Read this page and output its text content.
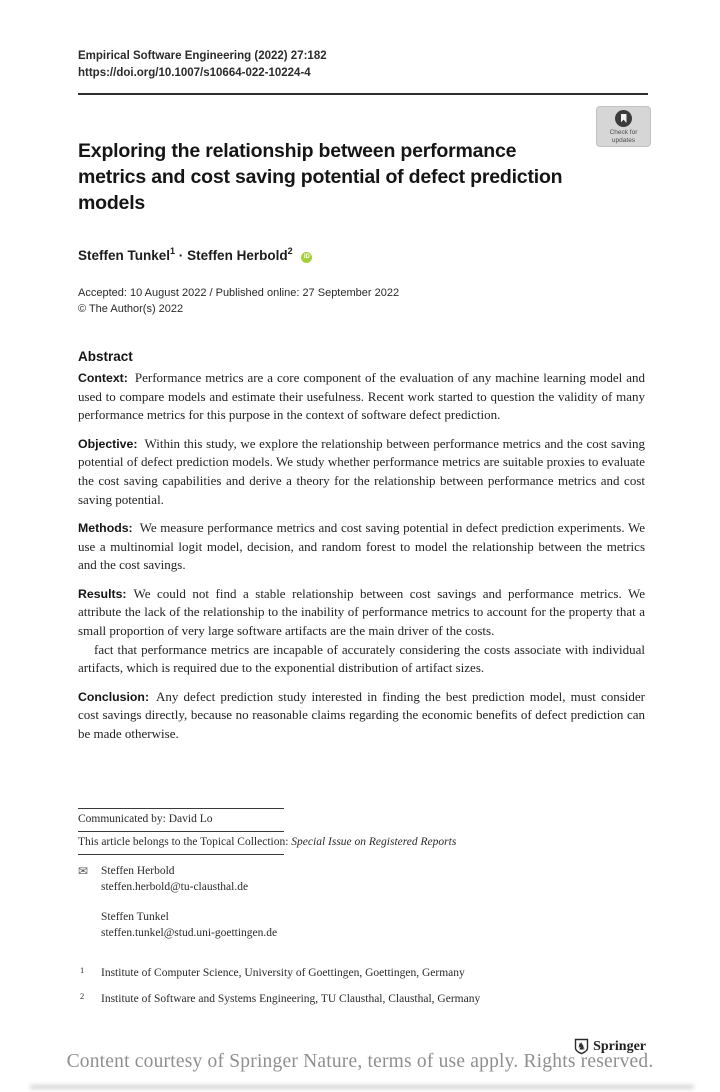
Empirical Software Engineering (2022) 27:182
https://doi.org/10.1007/s10664-022-10224-4
Check for
updates
Exploring the relationship between performance metrics and cost saving potential of defect prediction models
Steffen Tunkel$^1$ · Steffen Herbold$^2$ iD
Accepted: 10 August 2022 / Published online: 27 September 2022
© The Author(s) 2022
Abstract

Context: Performance metrics are a core component of the evaluation of any machine learning model and used to compare models and estimate their usefulness. Recent work started to question the validity of many performance metrics for this purpose in the context of software defect prediction.

Objective: Within this study, we explore the relationship between performance metrics and the cost saving potential of defect prediction models. We study whether performance metrics are suitable proxies to evaluate the cost saving capabilities and derive a theory for the relationship between performance metrics and cost saving potential.

Methods: We measure performance metrics and cost saving potential in defect prediction experiments. We use a multinomial logit model, decision, and random forest to model the relationship between the metrics and the cost savings.

Results: We could not find a stable relationship between cost savings and performance metrics. We attribute the lack of the relationship to the inability of performance metrics to account for the property that a small proportion of very large software artifacts are the main driver of the costs.

fact that performance metrics are incapable of accurately considering the costs associate with individual artifacts, which is required due to the exponential distribution of artifact sizes.

Conclusion: Any defect prediction study interested in finding the best prediction model, must consider cost savings directly, because no reasonable claims regarding the economic benefits of defect prediction can be made otherwise.

Communicated by: David Lo
This article belongs to the Topical Collection: Special Issue on Registered Reports
✉ Steffen Herbold
steffen.herbold@tu-clausthal.de
Steffen Tunkel
steffen.tunkel@stud.uni-goettingen.de
1 Institute of Computer Science, University of Goettingen, Goettingen, Germany
2 Institute of Software and Systems Engineering, TU Clausthal, Clausthal, Germany
♞ Springer
Content courtesy of Springer Nature, terms of use apply. Rights reserved.
